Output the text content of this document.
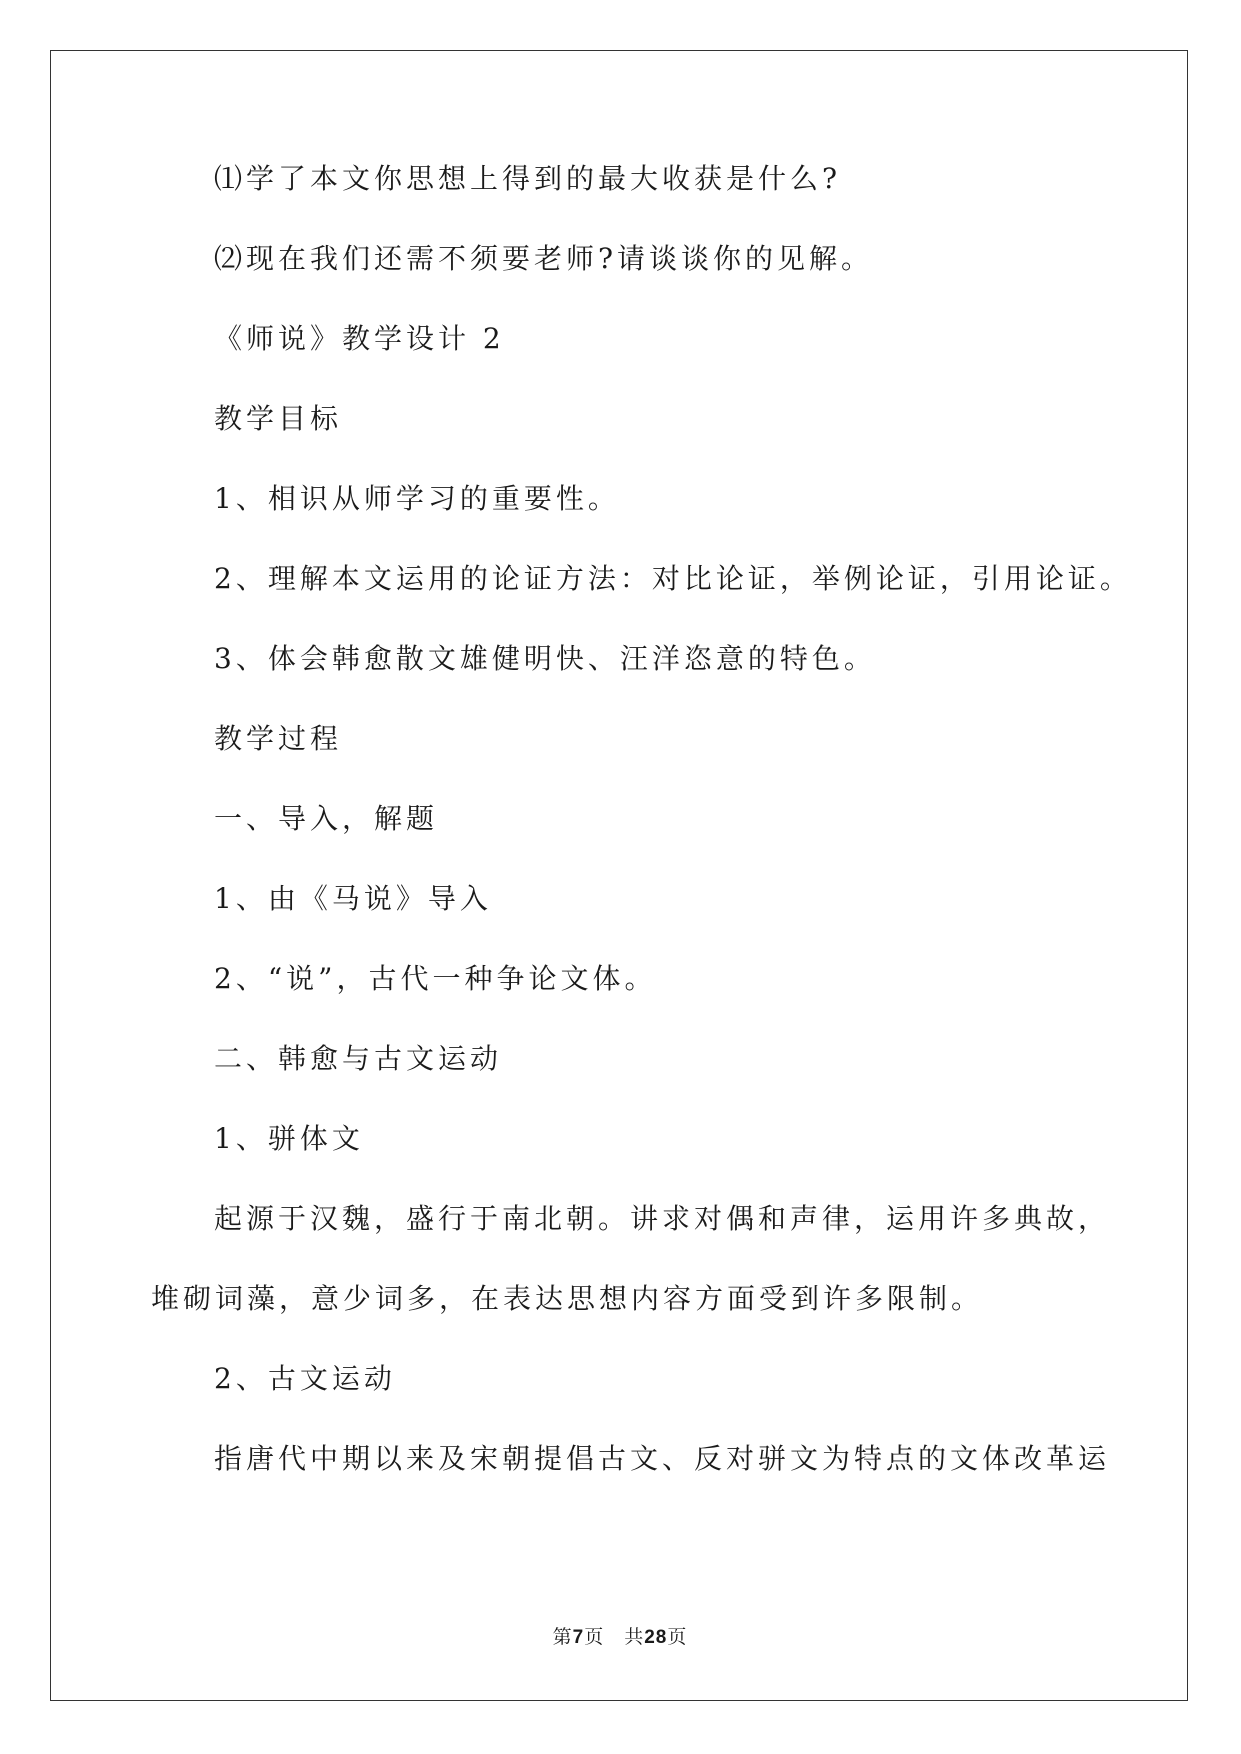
⑴学了本文你思想上得到的最大收获是什么?
⑵现在我们还需不须要老师?请谈谈你的见解。
《师说》教学设计 2
教学目标
1、相识从师学习的重要性。
2、理解本文运用的论证方法：对比论证，举例论证，引用论证。
3、体会韩愈散文雄健明快、汪洋恣意的特色。
教学过程
一、导入，解题
1、由《马说》导入
2、“说”，古代一种争论文体。
二、韩愈与古文运动
1、骈体文
起源于汉魏，盛行于南北朝。讲求对偶和声律，运用许多典故，
堆砌词藻，意少词多，在表达思想内容方面受到许多限制。
2、古文运动
指唐代中期以来及宋朝提倡古文、反对骈文为特点的文体改革运
第7页　共28页
